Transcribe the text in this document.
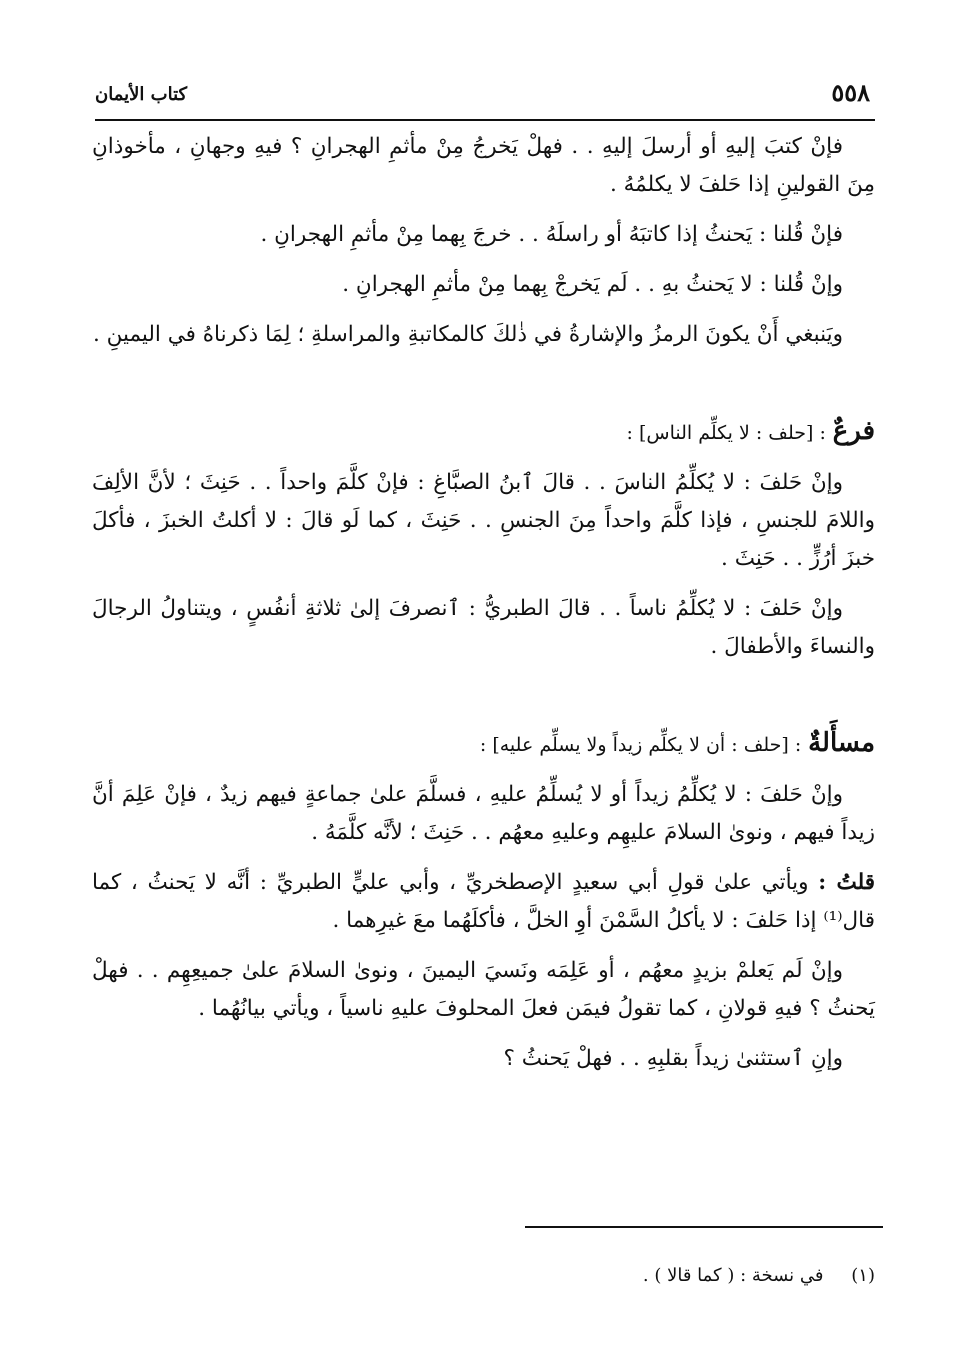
٥٥٨
كتاب الأيمان

فإنْ كتبَ إليهِ أو أرسلَ إليهِ . . فهلْ يَخرجُ مِنْ مأثمِ الهجرانِ ؟ فيهِ وجهانِ ، مأخوذانِ مِنَ القولينِ إذا حَلفَ لا يكلمُهُ .

فإنْ قُلنا : يَحنثُ إذا كاتبَهُ أو راسلَهُ . . خرجَ بِهما مِنْ مأثمِ الهجرانِ .

وإنْ قُلنا : لا يَحنثُ بهِ . . لَم يَخرجْ بِهما مِنْ مأثمِ الهجرانِ .

ويَنبغي أَنْ يكونَ الرمزُ والإشارةُ في ذٰلكَ كالمكاتبةِ والمراسلةِ ؛ لِمَا ذكرناهُ في اليمينِ .

فرعٌ : [حلف : لا يكلِّم الناس] :

وإنْ حَلفَ : لا يُكلِّمُ الناسَ . . قالَ ٱبنُ الصبَّاغِ : فإنْ كلَّمَ واحداً . . حَنِثَ ؛ لأنَّ الألِفَ واللامَ للجنسِ ، فإذا كلَّمَ واحداً مِنَ الجنسِ . . حَنِثَ ، كما لَو قالَ : لا أكلتُ الخبزَ ، فأكلَ خبزَ أرُزٍّ . . حَنِثَ .

وإنْ حَلفَ : لا يُكلِّمُ ناساً . . قالَ الطبريُّ : ٱنصرفَ إلىٰ ثلاثةِ أنفُسٍ ، ويتناولُ الرجالَ والنساءَ والأطفالَ .

مسأَلةٌ : [حلف : أن لا يكلِّم زيداً ولا يسلِّم عليه] :

وإنْ حَلفَ : لا يُكلِّمُ زيداً أو لا يُسلِّمُ عليهِ ، فسلَّمَ علىٰ جماعةٍ فيهم زيدٌ ، فإنْ عَلِمَ أنَّ زيداً فيهم ، ونوىٰ السلامَ عليهِم وعليهِ معهُم . . حَنِثَ ؛ لأنَّه كلَّمَهُ .

قلتُ : ويأتي علىٰ قولِ أبي سعيدٍ الإصطخريِّ ، وأبي عليٍّ الطبريِّ : أنَّه لا يَحنثُ ، كما قال⁽¹⁾ إذا حَلفَ : لا يأكلُ السَّمْنَ أوِ الخلَّ ، فأكلَهُما معَ غيرِهما .

وإنْ لَم يَعلمْ بزيدٍ معهُم ، أو عَلِمَه ونَسيَ اليمينَ ، ونوىٰ السلامَ علىٰ جميعِهِم . . فهلْ يَحنثُ ؟ فيهِ قولانِ ، كما تقولُ فيمَن فعلَ المحلوفَ عليهِ ناسياً ، ويأتي بيانُهُما .

وإنِ ٱستثنىٰ زيداً بقلبِهِ . . فهلْ يَحنثُ ؟

(١) في نسخة : ( كما قالا ) .
